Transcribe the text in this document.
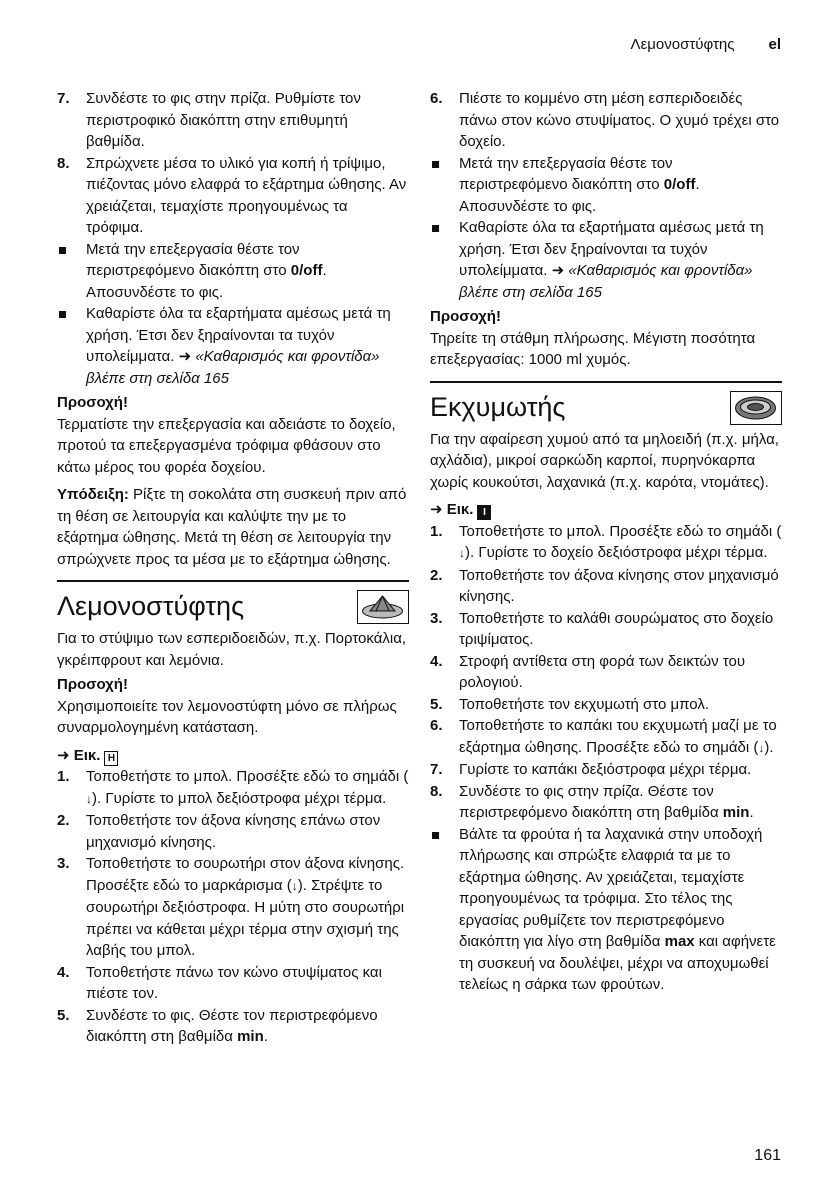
Λεμονοστύφτης el
7. Συνδέστε το φις στην πρίζα. Ρυθμίστε τον περιστροφικό διακόπτη στην επιθυμητή βαθμίδα.
8. Σπρώχνετε μέσα το υλικό για κοπή ή τρίψιμο, πιέζοντας μόνο ελαφρά το εξάρτημα ώθησης. Αν χρειάζεται, τεμαχίστε προηγουμένως τα τρόφιμα.
Μετά την επεξεργασία θέστε τον περιστρεφόμενο διακόπτη στο 0/off. Αποσυνδέστε το φις.
Καθαρίστε όλα τα εξαρτήματα αμέσως μετά τη χρήση. Έτσι δεν ξηραίνονται τα τυχόν υπολείμματα. ➜ «Καθαρισμός και φροντίδα» βλέπε στη σελίδα 165
Προσοχή!
Τερματίστε την επεξεργασία και αδειάστε το δοχείο, προτού τα επεξεργασμένα τρόφιμα φθάσουν στο κάτω μέρος του φορέα δοχείου.
Υπόδειξη: Ρίξτε τη σοκολάτα στη συσκευή πριν από τη θέση σε λειτουργία και καλύψτε την με το εξάρτημα ώθησης. Μετά τη θέση σε λειτουργία την σπρώχνετε προς τα μέσα με το εξάρτημα ώθησης.
Λεμονοστύφτης
Για το στύψιμο των εσπεριδοειδών, π.χ. Πορτοκάλια, γκρέιπφρουτ και λεμόνια.
Προσοχή!
Χρησιμοποιείτε τον λεμονοστύφτη μόνο σε πλήρως συναρμολογημένη κατάσταση.
➜ Εικ. H
1. Τοποθετήστε το μπολ. Προσέξτε εδώ το σημάδι (↓). Γυρίστε το μπολ δεξιόστροφα μέχρι τέρμα.
2. Τοποθετήστε τον άξονα κίνησης επάνω στον μηχανισμό κίνησης.
3. Τοποθετήστε το σουρωτήρι στον άξονα κίνησης. Προσέξτε εδώ το μαρκάρισμα (↓). Στρέψτε το σουρωτήρι δεξιόστροφα. Η μύτη στο σουρωτήρι πρέπει να κάθεται μέχρι τέρμα στην σχισμή της λαβής του μπολ.
4. Τοποθετήστε πάνω τον κώνο στυψίματος και πιέστε τον.
5. Συνδέστε το φις. Θέστε τον περιστρεφόμενο διακόπτη στη βαθμίδα min.
6. Πιέστε το κομμένο στη μέση εσπεριδοειδές πάνω στον κώνο στυψίματος. Ο χυμό τρέχει στο δοχείο.
Μετά την επεξεργασία θέστε τον περιστρεφόμενο διακόπτη στο 0/off. Αποσυνδέστε το φις.
Καθαρίστε όλα τα εξαρτήματα αμέσως μετά τη χρήση. Έτσι δεν ξηραίνονται τα τυχόν υπολείμματα. ➜ «Καθαρισμός και φροντίδα» βλέπε στη σελίδα 165
Προσοχή!
Τηρείτε τη στάθμη πλήρωσης. Μέγιστη ποσότητα επεξεργασίας: 1000 ml χυμός.
Εκχυμωτής
Για την αφαίρεση χυμού από τα μηλοειδή (π.χ. μήλα, αχλάδια), μικροί σαρκώδη καρποί, πυρηνόκαρπα χωρίς κουκούτσι, λαχανικά (π.χ. καρότα, ντομάτες).
➜ Εικ. I
1. Τοποθετήστε το μπολ. Προσέξτε εδώ το σημάδι (↓). Γυρίστε το δοχείο δεξιόστροφα μέχρι τέρμα.
2. Τοποθετήστε τον άξονα κίνησης στον μηχανισμό κίνησης.
3. Τοποθετήστε το καλάθι σουρώματος στο δοχείο τριψίματος.
4. Στροφή αντίθετα στη φορά των δεικτών του ρολογιού.
5. Τοποθετήστε τον εκχυμωτή στο μπολ.
6. Τοποθετήστε το καπάκι του εκχυμωτή μαζί με το εξάρτημα ώθησης. Προσέξτε εδώ το σημάδι (↓).
7. Γυρίστε το καπάκι δεξιόστροφα μέχρι τέρμα.
8. Συνδέστε το φις στην πρίζα. Θέστε τον περιστρεφόμενο διακόπτη στη βαθμίδα min.
Βάλτε τα φρούτα ή τα λαχανικά στην υποδοχή πλήρωσης και σπρώξτε ελαφριά τα με το εξάρτημα ώθησης. Αν χρειάζεται, τεμαχίστε προηγουμένως τα τρόφιμα. Στο τέλος της εργασίας ρυθμίζετε τον περιστρεφόμενο διακόπτη για λίγο στη βαθμίδα max και αφήνετε τη συσκευή να δουλέψει, μέχρι να αποχυμωθεί τελείως η σάρκα των φρούτων.
161
